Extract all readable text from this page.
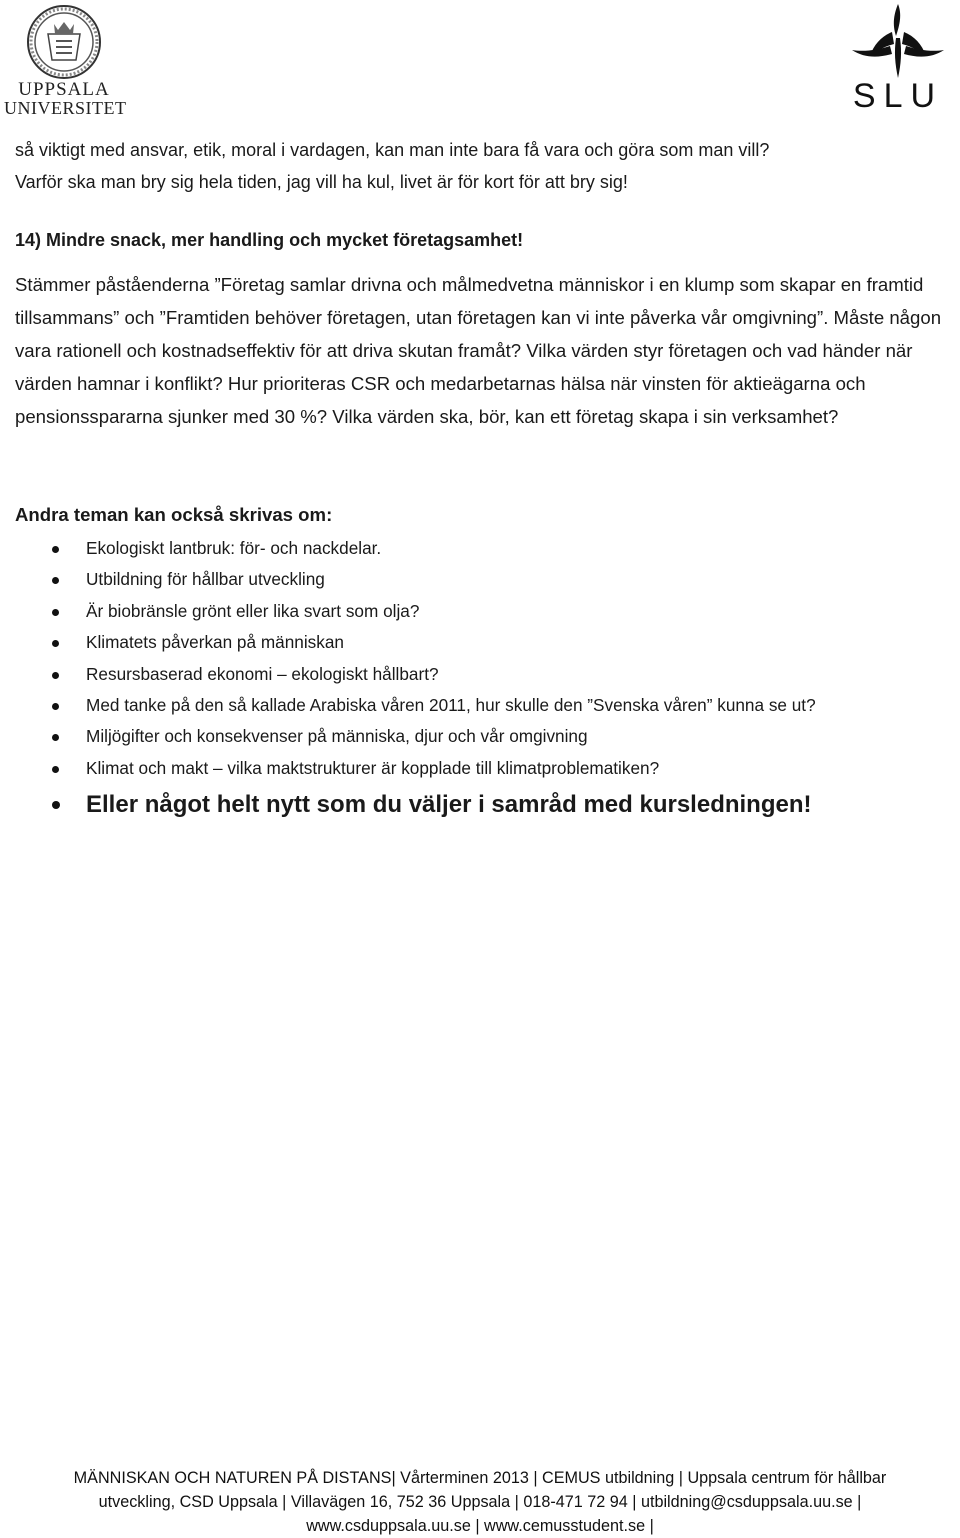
UPPSALA
UNIVERSITET	SLU

så viktigt med ansvar, etik, moral i vardagen, kan man inte bara få vara och göra som man vill?
Varför ska man bry sig hela tiden, jag vill ha kul, livet är för kort för att bry sig!

14) Mindre snack, mer handling och mycket företagsamhet!

Stämmer påståenderna ”Företag samlar drivna och målmedvetna människor i en klump som skapar en framtid tillsammans” och ”Framtiden behöver företagen, utan företagen kan vi inte påverka vår omgivning”. Måste någon vara rationell och kostnadseffektiv för att driva skutan framåt? Vilka värden styr företagen och vad händer när värden hamnar i konflikt? Hur prioriteras CSR och medarbetarnas hälsa när vinsten för aktieägarna och pensionsspararna sjunker med 30 %? Vilka värden ska, bör, kan ett företag skapa i sin verksamhet?

Andra teman kan också skrivas om:

Ekologiskt lantbruk: för- och nackdelar.
Utbildning för hållbar utveckling
Är biobränsle grönt eller lika svart som olja?
Klimatets påverkan på människan
Resursbaserad ekonomi – ekologiskt hållbart?
Med tanke på den så kallade Arabiska våren 2011, hur skulle den ”Svenska våren” kunna se ut?
Miljögifter och konsekvenser på människa, djur och vår omgivning
Klimat och makt – vilka maktstrukturer är kopplade till klimatproblematiken?
Eller något helt nytt som du väljer i samråd med kursledningen!
MÄNNISKAN OCH NATUREN PÅ DISTANS| Vårterminen 2013 | CEMUS utbildning | Uppsala centrum för hållbar
utveckling, CSD Uppsala | Villavägen 16, 752 36 Uppsala | 018-471 72 94 | utbildning@csduppsala.uu.se |
www.csduppsala.uu.se | www.cemusstudent.se |
